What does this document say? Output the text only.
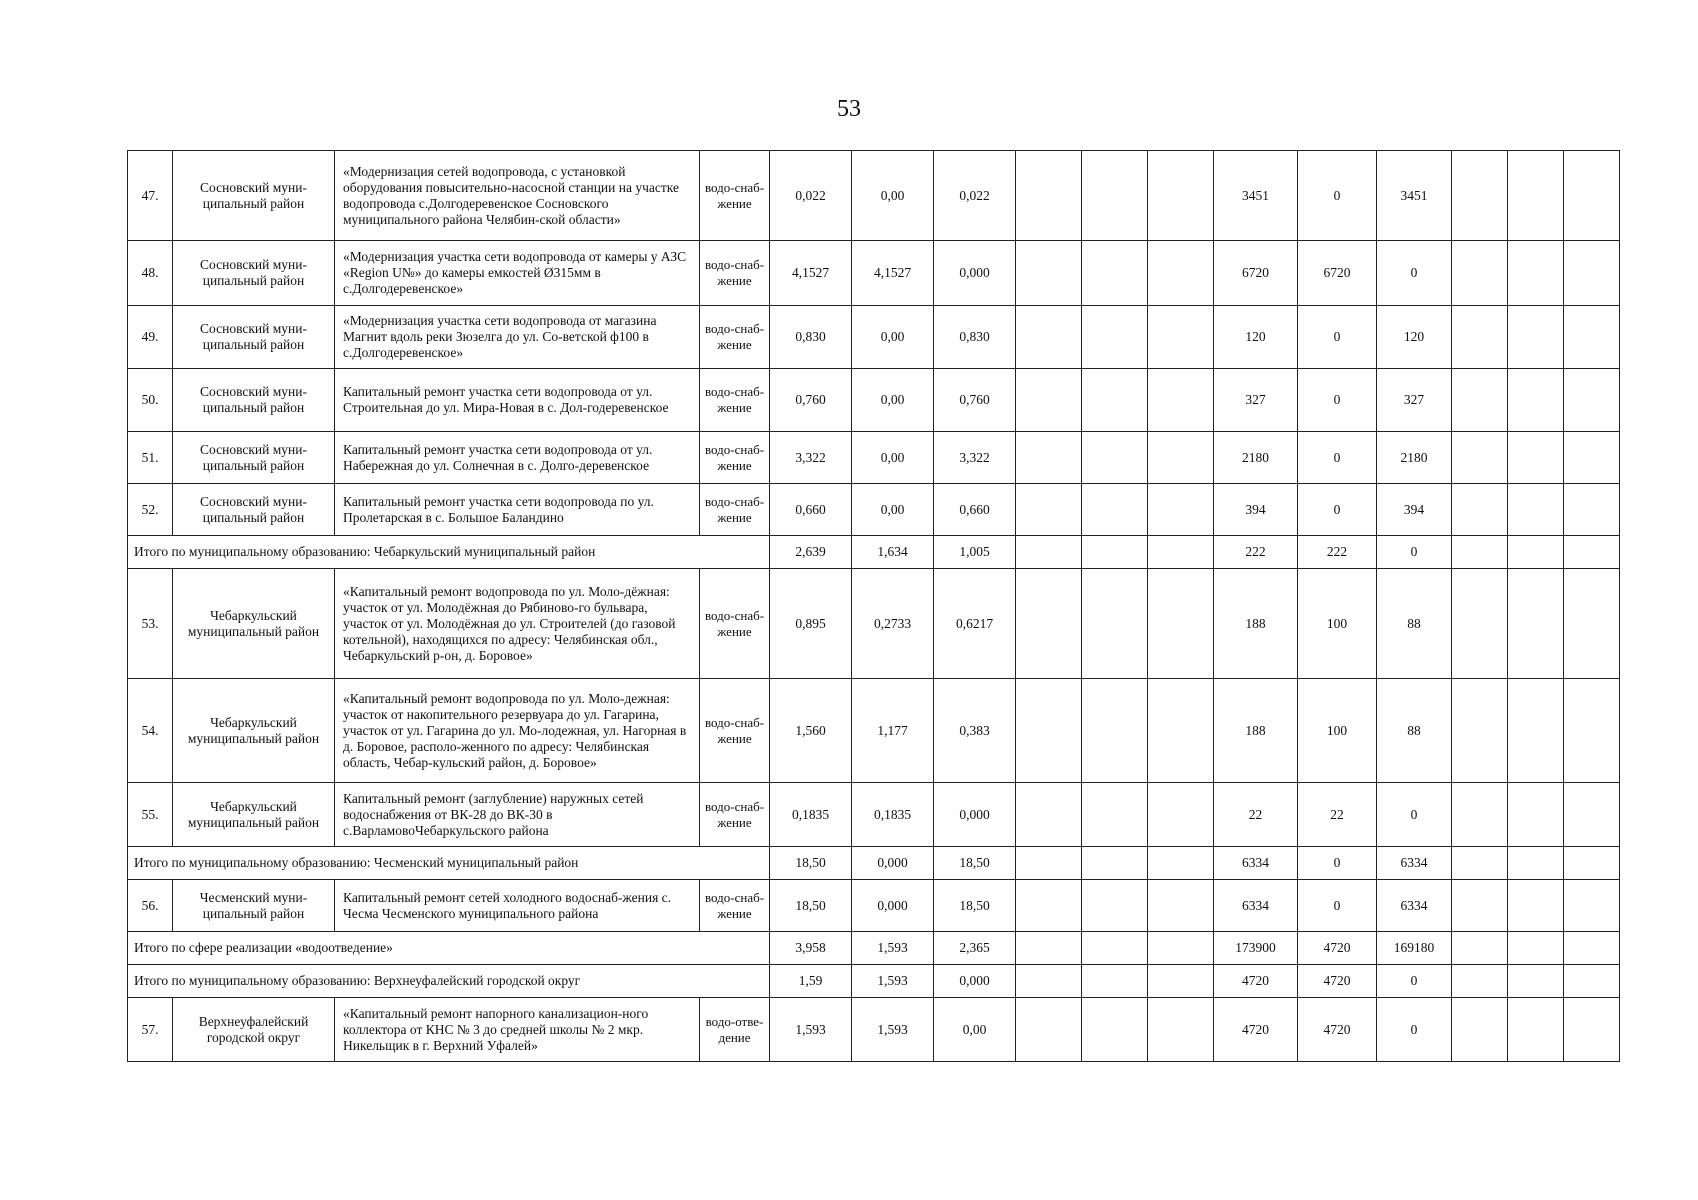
53
47.	Сосновский муни-ципальный район	«Модернизация сетей водопровода, с установкой оборудования повысительно-насосной станции на участке водопровода с.Долгодеревенское Сосновского муниципального района Челябин-ской области»	водо-снаб-жение	0,022	0,00	0,022				3451	0	3451			
48.	Сосновский муни-ципальный район	«Модернизация участка сети водопровода от камеры у АЗС «Region U№» до камеры емкостей Ø315мм в с.Долгодеревенское»	водо-снаб-жение	4,1527	4,1527	0,000				6720	6720	0			
49.	Сосновский муни-ципальный район	«Модернизация участка сети водопровода от магазина Магнит вдоль реки Зюзелга до ул. Со-ветской ф100 в с.Долгодеревенское»	водо-снаб-жение	0,830	0,00	0,830				120	0	120			
50.	Сосновский муни-ципальный район	Капитальный ремонт участка сети водопровода от ул. Строительная до ул. Мира-Новая в с. Дол-годеревенское	водо-снаб-жение	0,760	0,00	0,760				327	0	327			
51.	Сосновский муни-ципальный район	Капитальный ремонт участка сети водопровода от ул. Набережная до ул. Солнечная в с. Долго-деревенское	водо-снаб-жение	3,322	0,00	3,322				2180	0	2180			
52.	Сосновский муни-ципальный район	Капитальный ремонт участка сети водопровода по ул. Пролетарская в с. Большое Баландино	водо-снаб-жение	0,660	0,00	0,660				394	0	394			
Итого по муниципальному образованию: Чебаркульский муниципальный район				2,639	1,634	1,005				222	222	0			
53.	Чебаркульский муниципальный район	«Капитальный ремонт водопровода по ул. Моло-дёжная: участок от ул. Молодёжная до Рябиново-го бульвара, участок от ул. Молодёжная до ул. Строителей (до газовой котельной), находящихся по адресу: Челябинская обл., Чебаркульский р-он, д. Боровое»	водо-снаб-жение	0,895	0,2733	0,6217				188	100	88			
54.	Чебаркульский муниципальный район	«Капитальный ремонт водопровода по ул. Моло-дежная: участок от накопительного резервуара до ул. Гагарина, участок от ул. Гагарина до ул. Мо-лодежная, ул. Нагорная в д. Боровое, располо-женного по адресу: Челябинская область, Чебар-кульский район, д. Боровое»	водо-снаб-жение	1,560	1,177	0,383				188	100	88			
55.	Чебаркульский муниципальный район	Капитальный ремонт (заглубление) наружных сетей водоснабжения от ВК-28 до ВК-30 в с.ВарламовоЧебаркульского района	водо-снаб-жение	0,1835	0,1835	0,000				22	22	0			
Итого по муниципальному образованию: Чесменский муниципальный район				18,50	0,000	18,50				6334	0	6334			
56.	Чесменский муни-ципальный район	Капитальный ремонт сетей холодного водоснаб-жения с. Чесма Чесменского муниципального района	водо-снаб-жение	18,50	0,000	18,50				6334	0	6334			
Итого по сфере реализации «водоотведение»				3,958	1,593	2,365				173900	4720	169180			
Итого по муниципальному образованию: Верхнеуфалейский городской округ				1,59	1,593	0,000				4720	4720	0			
57.	Верхнеуфалейский городской округ	«Капитальный ремонт напорного канализацион-ного коллектора от КНС № 3 до средней школы № 2 мкр. Никельщик в г. Верхний Уфалей»	водо-отве-дение	1,593	1,593	0,00				4720	4720	0			
